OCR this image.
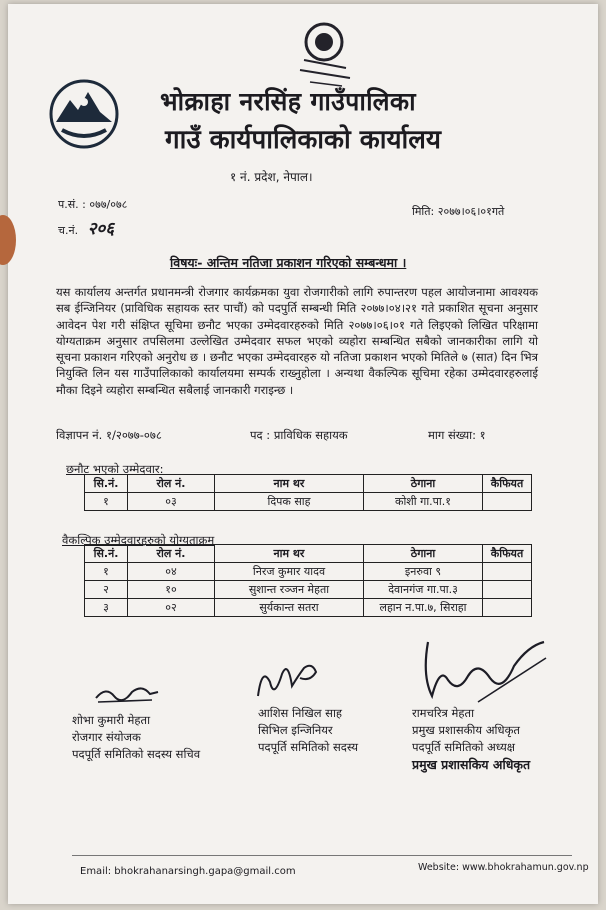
भोक्राहा नरसिंह गाउँपालिका
गाउँ कार्यपालिकाको कार्यालय
१ नं. प्रदेश, नेपाल।
प.सं. : ०७७/०७८
च.नं. २०६
मिति: २०७७।०६।०१गते
विषयः- अन्तिम नतिजा प्रकाशन गरिएको सम्बन्धमा ।
यस कार्यालय अन्तर्गत प्रधानमन्त्री रोजगार कार्यक्रमका युवा रोजगारीको लागि रुपान्तरण पहल आयोजनामा आवश्यक सब ईन्जिनियर (प्राविधिक सहायक स्तर पाचौं) को पदपुर्ति सम्बन्धी मिति २०७७।०४।२१ गते प्रकाशित सूचना अनुसार आवेदन पेश गरी संक्षिप्त सूचिमा छनौट भएका उम्मेदवारहरुको मिति २०७७।०६।०१ गते लिइएको लिखित परिक्षामा योग्यताक्रम अनुसार तपसिलमा उल्लेखित उम्मेदवार सफल भएको व्यहोरा सम्बन्धित सबैको जानकारीका लागि यो सूचना प्रकाशन गरिएको अनुरोध छ । छनौट भएका उम्मेदवारहरु यो नतिजा प्रकाशन भएको मितिले ७ (सात) दिन भित्र नियुक्ति लिन यस गाउँपालिकाको कार्यालयमा सम्पर्क राख्नुहोला । अन्यथा वैकल्पिक सूचिमा रहेका उम्मेदवारहरुलाई मौका दिइने व्यहोरा सम्बन्धित सबैलाई जानकारी गराइन्छ ।
विज्ञापन नं. १/२०७७-०७८	पद : प्राविधिक सहायक	माग संख्या: १
छनौट भएको उम्मेदवार:
सि.नं.	रोल नं.	नाम थर	ठेगाना	कैफियत
१	०३	दिपक साह	कोशी गा.पा.१	
वैकल्पिक उम्मेदवारहरुको योग्यताक्रम
सि.नं.	रोल नं.	नाम थर	ठेगाना	कैफियत
१	०४	निरज कुमार यादव	इनरुवा ९	
२	१०	सुशान्त रञ्जन मेहता	देवानगंज गा.पा.३	
३	०२	सुर्यकान्त सतरा	लहान न.पा.७, सिराहा	
शोभा कुमारी मेहता
रोजगार संयोजक
पदपूर्ति समितिको सदस्य सचिव
आशिस निखिल साह
सिभिल इन्जिनियर
पदपूर्ति समितिको सदस्य
रामचरित्र मेहता
प्रमुख प्रशासकीय अधिकृत
पदपूर्ति समितिको अध्यक्ष
प्रमुख प्रशासकिय अधिकृत
Email: bhokrahanarsingh.gapa@gmail.com	Website: www.bhokrahamun.gov.np
